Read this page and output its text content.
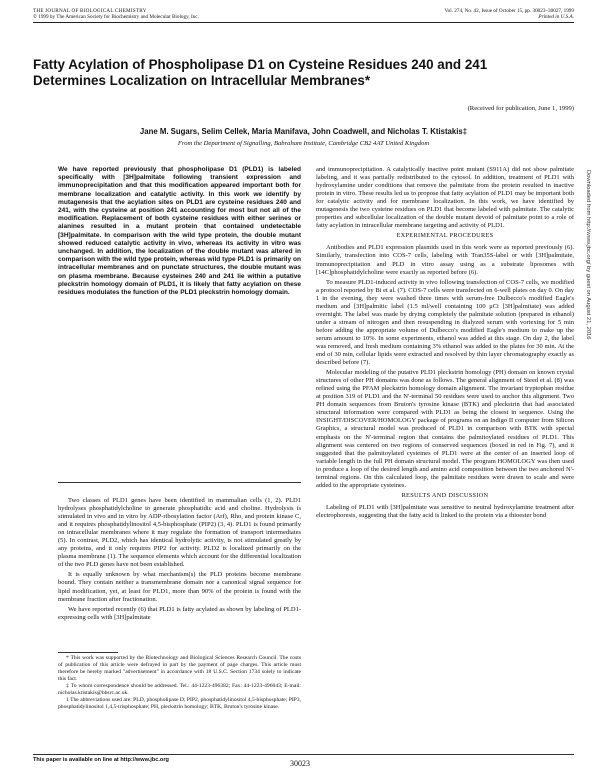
THE JOURNAL OF BIOLOGICAL CHEMISTRY
© 1999 by The American Society for Biochemistry and Molecular Biology, Inc.
Vol. 274, No. 42, Issue of October 15, pp. 30023–30027, 1999
Printed in U.S.A.
Fatty Acylation of Phospholipase D1 on Cysteine Residues 240 and 241 Determines Localization on Intracellular Membranes*
(Received for publication, June 1, 1999)
Jane M. Sugars, Selim Cellek, Maria Manifava, John Coadwell, and Nicholas T. Ktistakis‡
From the Department of Signalling, Babraham Institute, Cambridge CB2 4AT United Kingdom
We have reported previously that phospholipase D1 (PLD1) is labeled specifically with [3H]palmitate following transient expression and immunoprecipitation and that this modification appeared important both for membrane localization and catalytic activity. In this work we identify by mutagenesis that the acylation sites on PLD1 are cysteine residues 240 and 241, with the cysteine at position 241 accounting for most but not all of the modification. Replacement of both cysteine residues with either serines or alanines resulted in a mutant protein that contained undetectable [3H]palmitate. In comparison with the wild type protein, the double mutant showed reduced catalytic activity in vivo, whereas its activity in vitro was unchanged. In addition, the localization of the double mutant was altered in comparison with the wild type protein, whereas wild type PLD1 is primarily on intracellular membranes and on punctate structures, the double mutant was on plasma membrane. Because cysteines 240 and 241 lie within a putative pleckstrin homology domain of PLD1, it is likely that fatty acylation on these residues modulates the function of the PLD1 pleckstrin homology domain.

Two classes of PLD1 genes have been identified in mammalian cells (1, 2). PLD1 hydrolyses phosphatidylcholine to generate phosphatidic acid and choline. Hydrolysis is stimulated in vivo and in vitro by ADP-ribosylation factor (Arf), Rho, and protein kinase C, and it requires phosphatidylinositol 4,5-bisphosphate (PIP2) (3, 4). PLD1 is found primarily on intracellular membranes where it may regulate the formation of transport intermediates (5). In contrast, PLD2, which has identical hydrolytic activity, is not stimulated greatly by any proteins, and it only requires PIP2 for activity. PLD2 is localized primarily on the plasma membrane (1). The sequence elements which account for the differential localization of the two PLD genes have not been established.

It is equally unknown by what mechanism(s) the PLD proteins become membrane bound. They contain neither a transmembrane domain nor a canonical signal sequence for lipid modification, yet, at least for PLD1, more than 90% of the protein is found with the membrane fraction after fractionation.

We have reported recently (6) that PLD1 is fatty acylated as shown by labeling of PLD1-expressing cells with [3H]palmitate

* This work was supported by the Biotechnology and Biological Sciences Research Council. The costs of publication of this article were defrayed in part by the payment of page charges. This article must therefore be hereby marked "advertisement" in accordance with 18 U.S.C. Section 1734 solely to indicate this fact.

‡ To whom correspondence should be addressed. Tel.: 44-1223-496382; Fax: 44-1223-496043; E-mail: nicholas.ktistakis@bbsrc.ac.uk.

1 The abbreviations used are: PLD, phospholipase D; PIP2, phosphatidylinositol 4,5-bisphosphate; PIP3, phosphatidylinositol 1,4,5-trisphosphate; PH, pleckstrin homology; BTK, Bruton's tyrosine kinase.

and immunoprecipitation. A catalytically inactive point mutant (S911A) did not show palmitate labeling, and it was partially redistributed to the cytosol. In addition, treatment of PLD1 with hydroxylamine under conditions that remove the palmitate from the protein resulted in inactive protein in vitro. These results led us to propose that fatty acylation of PLD1 may be important both for catalytic activity and for membrane localization. In this work, we have identified by mutagenesis the two cysteine residues on PLD1 that become labeled with palmitate. The catalytic properties and subcellular localization of the double mutant devoid of palmitate point to a role of fatty acylation in intracellular membrane targeting and activity of PLD1.

EXPERIMENTAL PROCEDURES

Antibodies and PLD1 expression plasmids used in this work were as reported previously (6). Similarly, transfection into COS-7 cells, labeling with Tran35S-label or with [3H]palmitate, immunoprecipitation and PLD in vitro assay using as a substrate liposomes with [14C]phosphatidylcholine were exactly as reported before (6).

To measure PLD1-induced activity in vivo following transfection of COS-7 cells, we modified a protocol reported by Bi et al. (7). COS-7 cells were transfected on 6-well plates on day 0. On day 1 in the evening, they were washed three times with serum-free Dulbecco's modified Eagle's medium and [3H]palmitic label (1.5 ml/well containing 100 μCi [3H]palmitate) was added overnight. The label was made by drying completely the palmitate solution (prepared in ethanol) under a stream of nitrogen and then resuspending in dialyzed serum with vortexing for 5 min before adding the appropriate volume of Dulbecco's modified Eagle's medium to make up the serum amount to 10%. In some experiments, ethanol was added at this stage. On day 2, the label was removed, and fresh medium containing 3% ethanol was added to the plates for 30 min. At the end of 30 min, cellular lipids were extracted and resolved by thin layer chromatography exactly as described before (7).

Molecular modeling of the putative PLD1 pleckstrin homology (PH) domain on known crystal structures of other PH domains was done as follows. The general alignment of Steed et al. (8) was refined using the PFAM pleckstrin homology domain alignment. The invariant tryptophan residue at position 319 of PLD1 and the N'-terminal 50 residues were used to anchor this alignment. Two PH domain sequences from Bruton's tyrosine kinase (BTK) and pleckstrin that had associated structural information were compared with PLD1 as being the closest in sequence. Using the INSIGHT/DISCOVER/HOMOLOGY package of programs on an Indigo II computer from Silicon Graphics, a structural model was produced of PLD1 in comparison with BTK with special emphasis on the N'-terminal region that contains the palmitoylated residues of PLD1. This alignment was centered on two regions of conserved sequences (boxed in red in Fig. 7), and it suggested that the palmitoylated cysteines of PLD1 were at the center of an inserted loop of variable length in the full PH domain structural model. The program HOMOLOGY was then used to produce a loop of the desired length and amino acid composition between the two anchored N'-terminal regions. On this calculated loop, the palmitate residues were drawn to scale and were added to the appropriate cysteines.

RESULTS AND DISCUSSION

Labeling of PLD1 with [3H]palmitate was sensitive to neutral hydroxylamine treatment after electrophoresis, suggesting that the fatty acid is linked to the protein via a thioester bond

Downloaded from http://www.jbc.org/ by guest on August 21, 2016
This paper is available on line at http://www.jbc.org	30023
